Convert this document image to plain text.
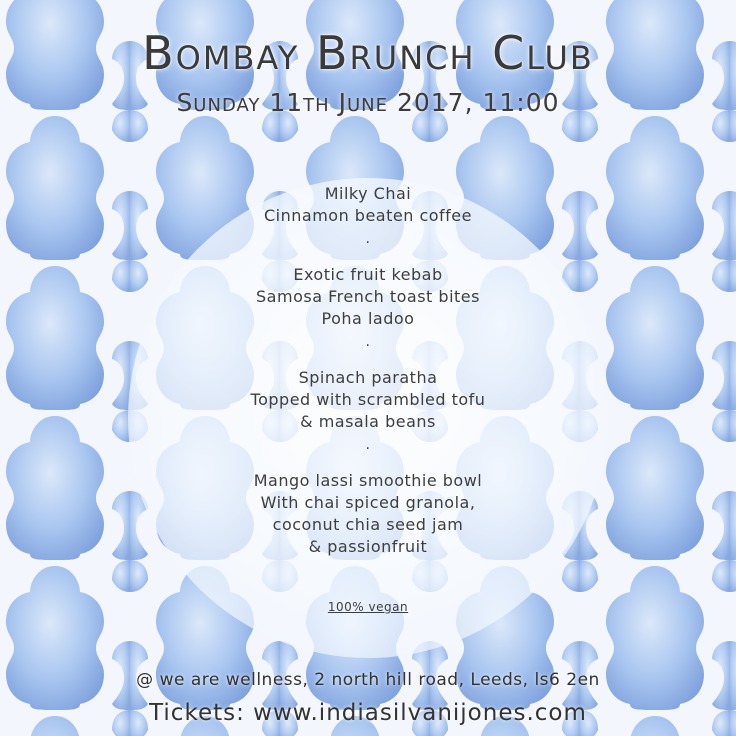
Bombay Brunch Club
Sunday 11th June 2017, 11:00
Milky Chai
Cinnamon beaten coffee
.
Exotic fruit kebab
Samosa French toast bites
Poha ladoo
.
Spinach paratha
Topped with scrambled tofu
& masala beans
.
Mango lassi smoothie bowl
With chai spiced granola,
coconut chia seed jam
& passionfruit
100% vegan
@ we are wellness, 2 north hill road, Leeds, ls6 2en
Tickets: www.indiasilvanijones.com
